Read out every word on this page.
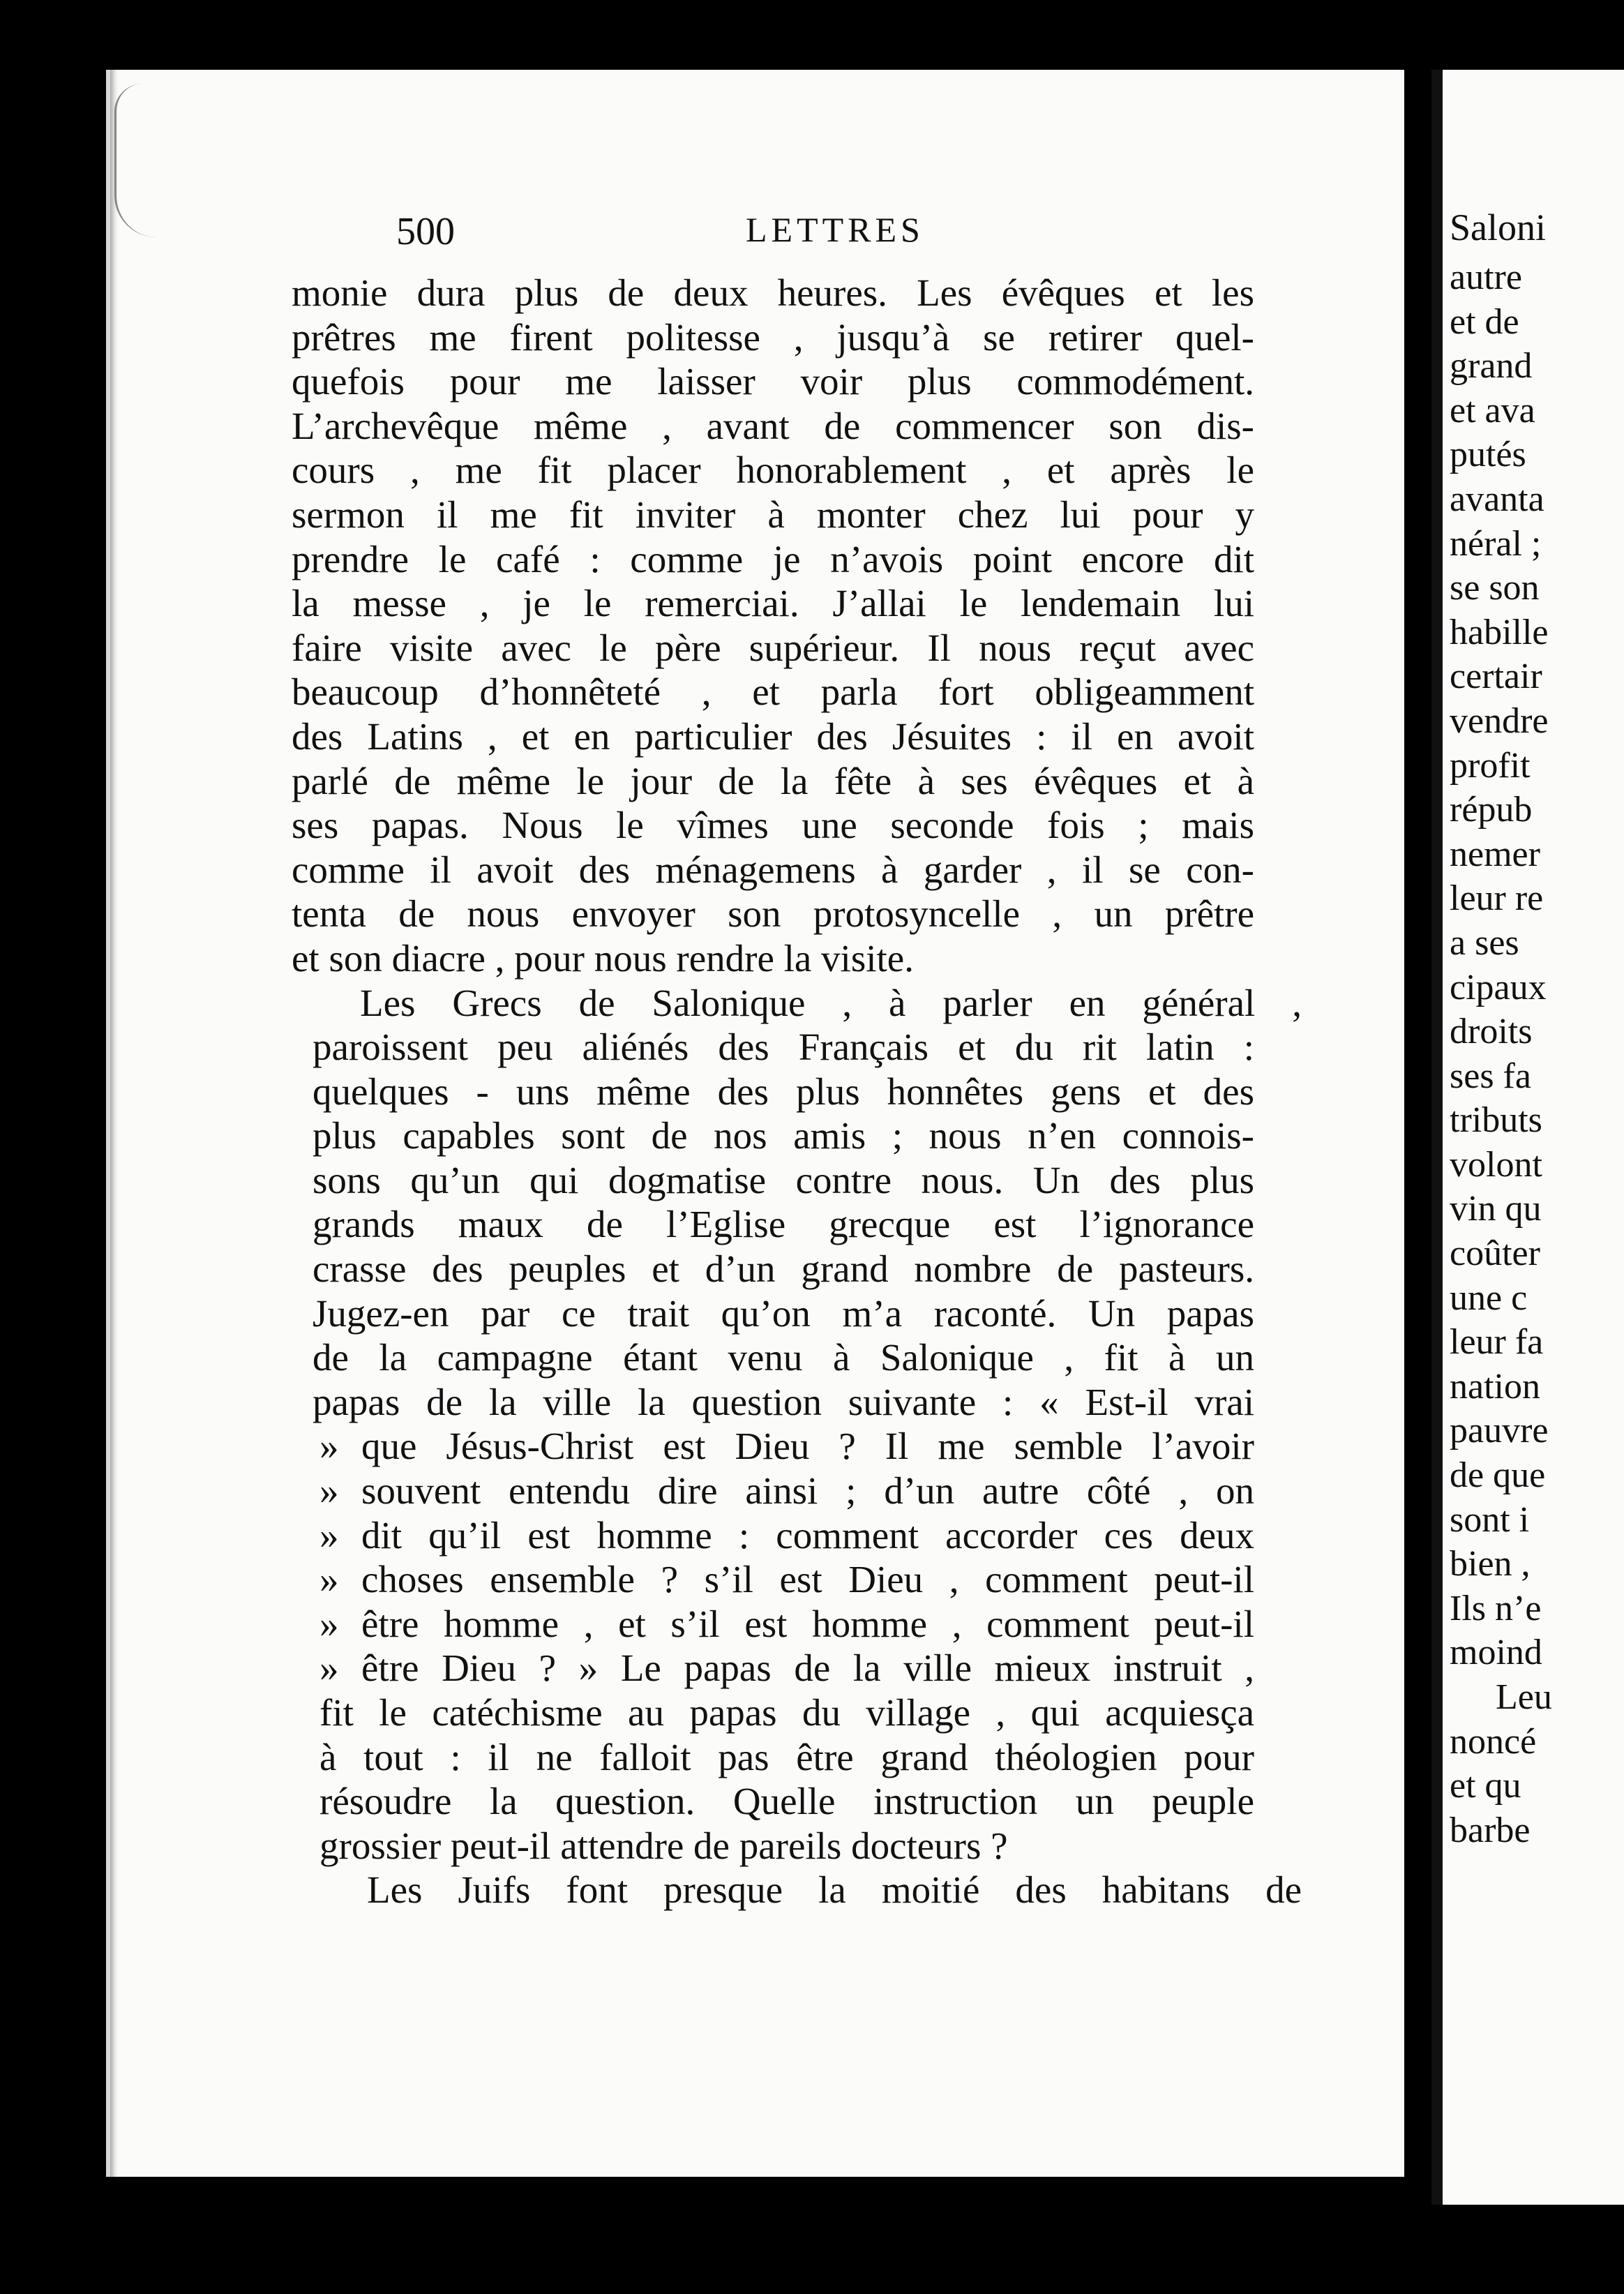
500	LETTRES
monie dura plus de deux heures. Les évêques et les
prêtres me firent politesse , jusqu’à se retirer quel-
quefois pour me laisser voir plus commodément.
L’archevêque même , avant de commencer son dis-
cours , me fit placer honorablement , et après le
sermon il me fit inviter à monter chez lui pour y
prendre le café : comme je n’avois point encore dit
la messe , je le remerciai. J’allai le lendemain lui
faire visite avec le père supérieur. Il nous reçut avec
beaucoup d’honnêteté , et parla fort obligeamment
des Latins , et en particulier des Jésuites : il en avoit
parlé de même le jour de la fête à ses évêques et à
ses papas. Nous le vîmes une seconde fois ; mais
comme il avoit des ménagemens à garder , il se con-
tenta de nous envoyer son protosyncelle , un prêtre
et son diacre , pour nous rendre la visite.
Les Grecs de Salonique , à parler en général ,
paroissent peu aliénés des Français et du rit latin :
quelques - uns même des plus honnêtes gens et des
plus capables sont de nos amis ; nous n’en connois-
sons qu’un qui dogmatise contre nous. Un des plus
grands maux de l’Eglise grecque est l’ignorance
crasse des peuples et d’un grand nombre de pasteurs.
Jugez-en par ce trait qu’on m’a raconté. Un papas
de la campagne étant venu à Salonique , fit à un
papas de la ville la question suivante : « Est-il vrai
» que Jésus-Christ est Dieu ? Il me semble l’avoir
» souvent entendu dire ainsi ; d’un autre côté , on
» dit qu’il est homme : comment accorder ces deux
» choses ensemble ? s’il est Dieu , comment peut-il
» être homme , et s’il est homme , comment peut-il
» être Dieu ? » Le papas de la ville mieux instruit ,
fit le catéchisme au papas du village , qui acquiesça
à tout : il ne falloit pas être grand théologien pour
résoudre la question. Quelle instruction un peuple
grossier peut-il attendre de pareils docteurs ?
Les Juifs font presque la moitié des habitans de
Saloni
autre
et de
grand
et ava
putés
avanta
néral ;
se son
habille
certair
vendre
profit
répub
nemer
leur re
a ses
cipaux
droits
ses fa
tributs
volont
vin qu
coûter
une c
leur fa
nation
pauvre
de que
sont i
bien ,
Ils n’e
moind
Leu
noncé
et qu
barbe
